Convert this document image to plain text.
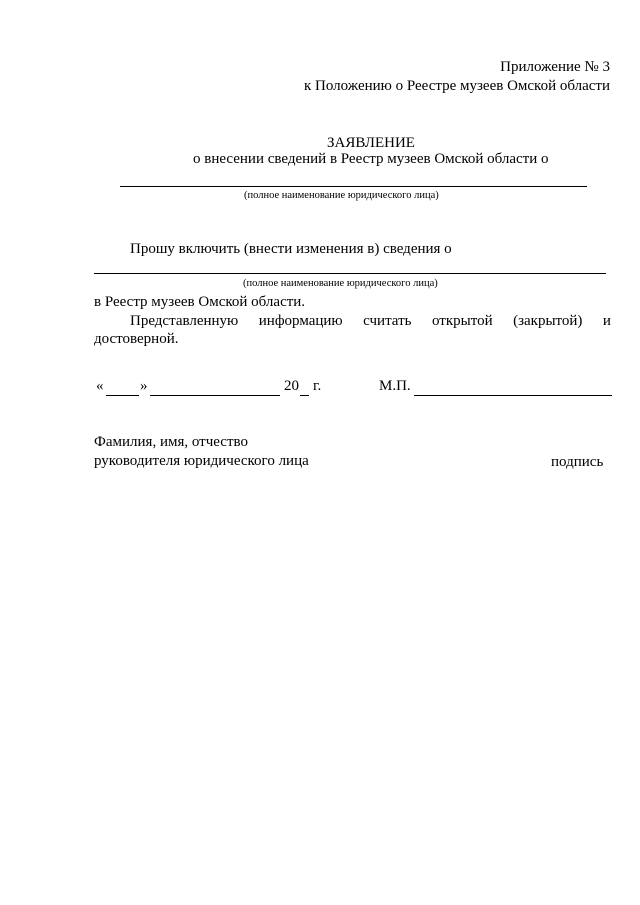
Приложение № 3
к Положению о Реестре музеев Омской области
ЗАЯВЛЕНИЕ
о внесении сведений в Реестр музеев Омской области о
(полное наименование юридического лица)
Прошу включить (внести изменения в) сведения о
(полное наименование юридического лица)
в Реестр музеев Омской области.
Представленную информацию считать открытой (закрытой) и
достоверной.
« »	20 г.	М.П.
Фамилия, имя, отчество
руководителя юридического лица	подпись
